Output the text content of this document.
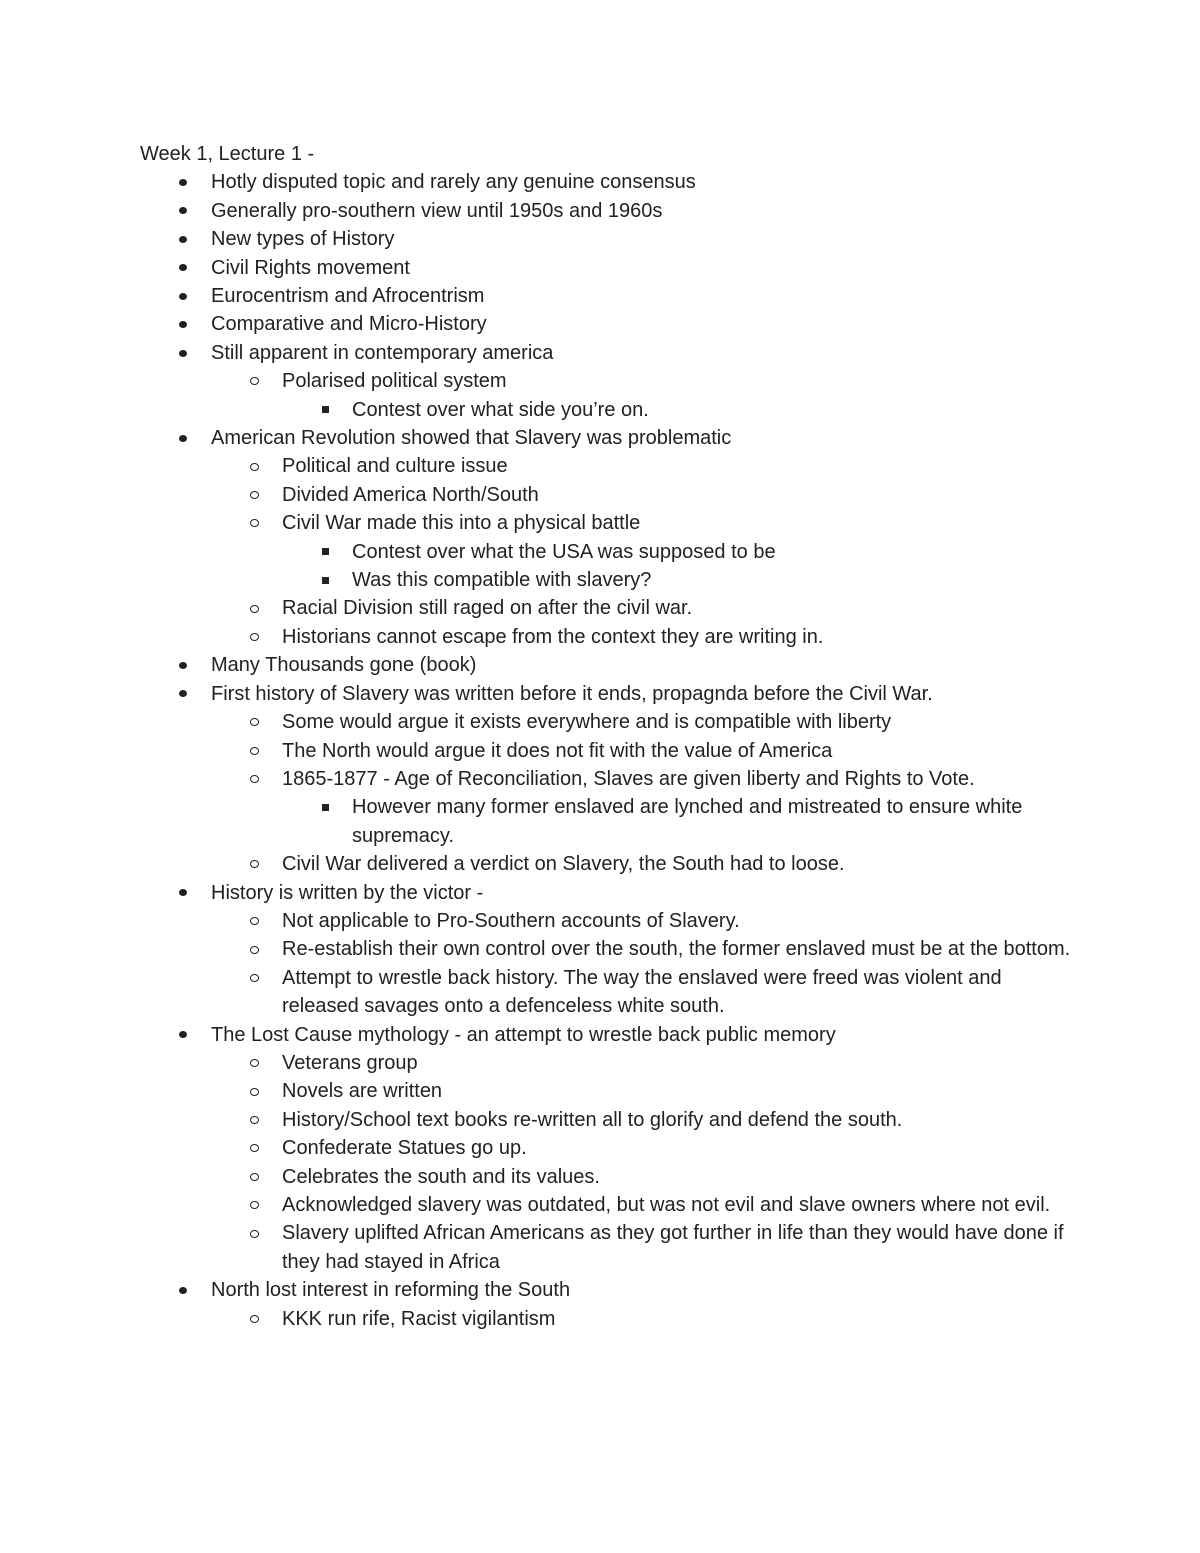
Week 1, Lecture 1 -
Hotly disputed topic and rarely any genuine consensus
Generally pro-southern view until 1950s and 1960s
New types of History
Civil Rights movement
Eurocentrism and Afrocentrism
Comparative and Micro-History
Still apparent in contemporary america
Polarised political system
Contest over what side you’re on.
American Revolution showed that Slavery was problematic
Political and culture issue
Divided America North/South
Civil War made this into a physical battle
Contest over what the USA was supposed to be
Was this compatible with slavery?
Racial Division still raged on after the civil war.
Historians cannot escape from the context they are writing in.
Many Thousands gone (book)
First history of Slavery was written before it ends, propagnda before the Civil War.
Some would argue it exists everywhere and is compatible with liberty
The North would argue it does not fit with the value of America
1865-1877 - Age of Reconciliation, Slaves are given liberty and Rights to Vote.
However many former enslaved are lynched and mistreated to ensure white supremacy.
Civil War delivered a verdict on Slavery, the South had to loose.
History is written by the victor -
Not applicable to Pro-Southern accounts of Slavery.
Re-establish their own control over the south, the former enslaved must be at the bottom.
Attempt to wrestle back history. The way the enslaved were freed was violent and released savages onto a defenceless white south.
The Lost Cause mythology - an attempt to wrestle back public memory
Veterans group
Novels are written
History/School text books re-written all to glorify and defend the south.
Confederate Statues go up.
Celebrates the south and its values.
Acknowledged slavery was outdated, but was not evil and slave owners where not evil.
Slavery uplifted African Americans as they got further in life than they would have done if they had stayed in Africa
North lost interest in reforming the South
KKK run rife, Racist vigilantism
